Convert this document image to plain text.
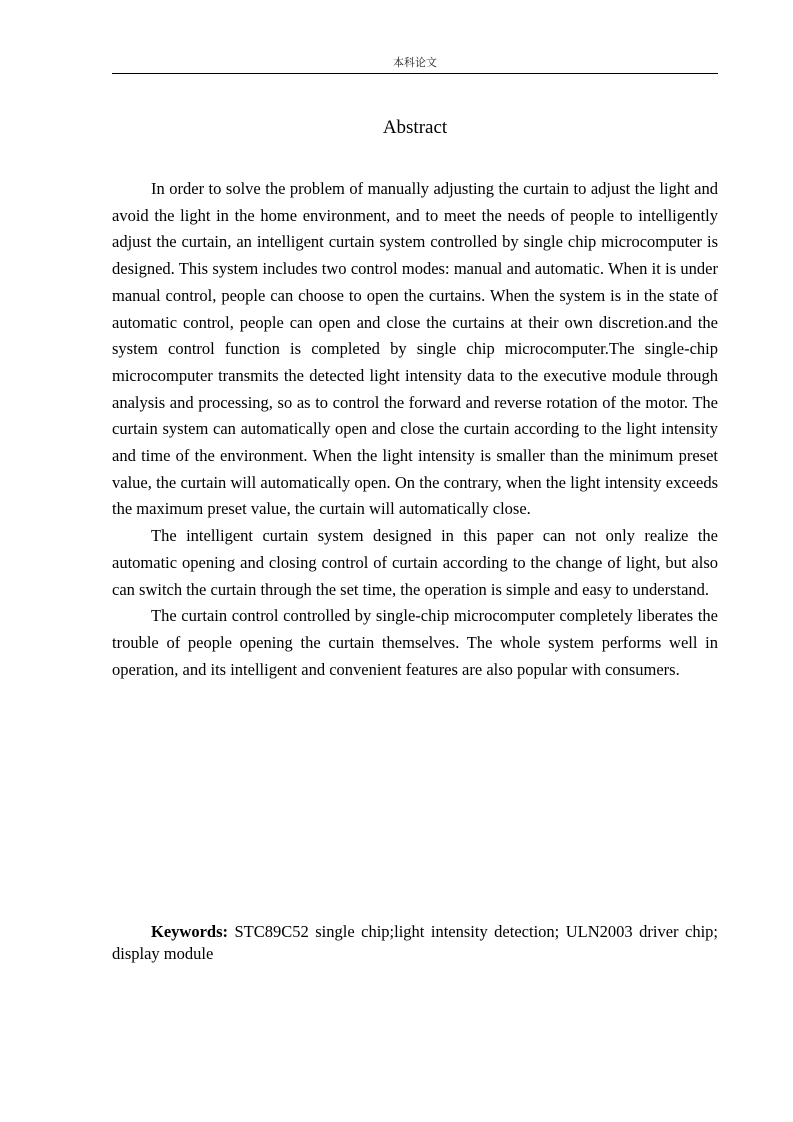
本科论文
Abstract

In order to solve the problem of manually adjusting the curtain to adjust the light and avoid the light in the home environment, and to meet the needs of people to intelligently adjust the curtain, an intelligent curtain system controlled by single chip microcomputer is designed. This system includes two control modes: manual and automatic. When it is under manual control, people can choose to open the curtains. When the system is in the state of automatic control, people can open and close the curtains at their own discretion.and the system control function is completed by single chip microcomputer.The single-chip microcomputer transmits the detected light intensity data to the executive module through analysis and processing, so as to control the forward and reverse rotation of the motor. The curtain system can automatically open and close the curtain according to the light intensity and time of the environment. When the light intensity is smaller than the minimum preset value, the curtain will automatically open. On the contrary, when the light intensity exceeds the maximum preset value, the curtain will automatically close.

The intelligent curtain system designed in this paper can not only realize the automatic opening and closing control of curtain according to the change of light, but also can switch the curtain through the set time, the operation is simple and easy to understand.

The curtain control controlled by single-chip microcomputer completely liberates the trouble of people opening the curtain themselves. The whole system performs well in operation, and its intelligent and convenient features are also popular with consumers.

Keywords: STC89C52 single chip;light intensity detection; ULN2003 driver chip; display module
